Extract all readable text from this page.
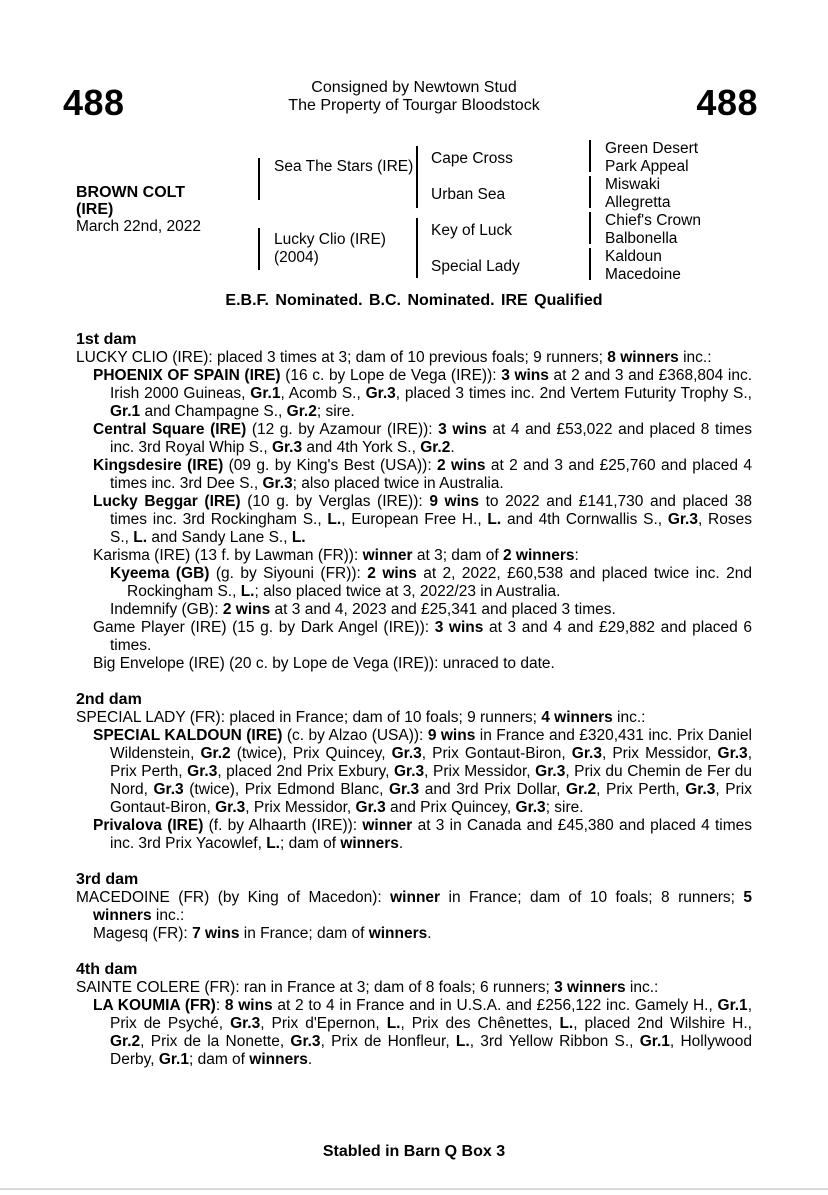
488	488
Consigned by Newtown Stud
The Property of Tourgar Bloodstock
BROWN COLT
(IRE)
March 22nd, 2022
Sea The Stars (IRE)
Lucky Clio (IRE) (2004)
Cape Cross
Urban Sea
Key of Luck
Special Lady
Green Desert
Park Appeal
Miswaki
Allegretta
Chief's Crown
Balbonella
Kaldoun
Macedoine
E.B.F. Nominated. B.C. Nominated. IRE Qualified
1st dam
LUCKY CLIO (IRE): placed 3 times at 3; dam of 10 previous foals; 9 runners; 8 winners inc.:
PHOENIX OF SPAIN (IRE) (16 c. by Lope de Vega (IRE)): 3 wins at 2 and 3 and £368,804 inc. Irish 2000 Guineas, Gr.1, Acomb S., Gr.3, placed 3 times inc. 2nd Vertem Futurity Trophy S., Gr.1 and Champagne S., Gr.2; sire.
Central Square (IRE) (12 g. by Azamour (IRE)): 3 wins at 4 and £53,022 and placed 8 times inc. 3rd Royal Whip S., Gr.3 and 4th York S., Gr.2.
Kingsdesire (IRE) (09 g. by King's Best (USA)): 2 wins at 2 and 3 and £25,760 and placed 4 times inc. 3rd Dee S., Gr.3; also placed twice in Australia.
Lucky Beggar (IRE) (10 g. by Verglas (IRE)): 9 wins to 2022 and £141,730 and placed 38 times inc. 3rd Rockingham S., L., European Free H., L. and 4th Cornwallis S., Gr.3, Roses S., L. and Sandy Lane S., L.
Karisma (IRE) (13 f. by Lawman (FR)): winner at 3; dam of 2 winners:
Kyeema (GB) (g. by Siyouni (FR)): 2 wins at 2, 2022, £60,538 and placed twice inc. 2nd Rockingham S., L.; also placed twice at 3, 2022/23 in Australia.
Indemnify (GB): 2 wins at 3 and 4, 2023 and £25,341 and placed 3 times.
Game Player (IRE) (15 g. by Dark Angel (IRE)): 3 wins at 3 and 4 and £29,882 and placed 6 times.
Big Envelope (IRE) (20 c. by Lope de Vega (IRE)): unraced to date.
2nd dam
SPECIAL LADY (FR): placed in France; dam of 10 foals; 9 runners; 4 winners inc.:
SPECIAL KALDOUN (IRE) (c. by Alzao (USA)): 9 wins in France and £320,431 inc. Prix Daniel Wildenstein, Gr.2 (twice), Prix Quincey, Gr.3, Prix Gontaut-Biron, Gr.3, Prix Messidor, Gr.3, Prix Perth, Gr.3, placed 2nd Prix Exbury, Gr.3, Prix Messidor, Gr.3, Prix du Chemin de Fer du Nord, Gr.3 (twice), Prix Edmond Blanc, Gr.3 and 3rd Prix Dollar, Gr.2, Prix Perth, Gr.3, Prix Gontaut-Biron, Gr.3, Prix Messidor, Gr.3 and Prix Quincey, Gr.3; sire.
Privalova (IRE) (f. by Alhaarth (IRE)): winner at 3 in Canada and £45,380 and placed 4 times inc. 3rd Prix Yacowlef, L.; dam of winners.
3rd dam
MACEDOINE (FR) (by King of Macedon): winner in France; dam of 10 foals; 8 runners; 5 winners inc.:
Magesq (FR): 7 wins in France; dam of winners.
4th dam
SAINTE COLERE (FR): ran in France at 3; dam of 8 foals; 6 runners; 3 winners inc.:
LA KOUMIA (FR): 8 wins at 2 to 4 in France and in U.S.A. and £256,122 inc. Gamely H., Gr.1, Prix de Psyché, Gr.3, Prix d'Epernon, L., Prix des Chênettes, L., placed 2nd Wilshire H., Gr.2, Prix de la Nonette, Gr.3, Prix de Honfleur, L., 3rd Yellow Ribbon S., Gr.1, Hollywood Derby, Gr.1; dam of winners.
Stabled in Barn Q Box 3
